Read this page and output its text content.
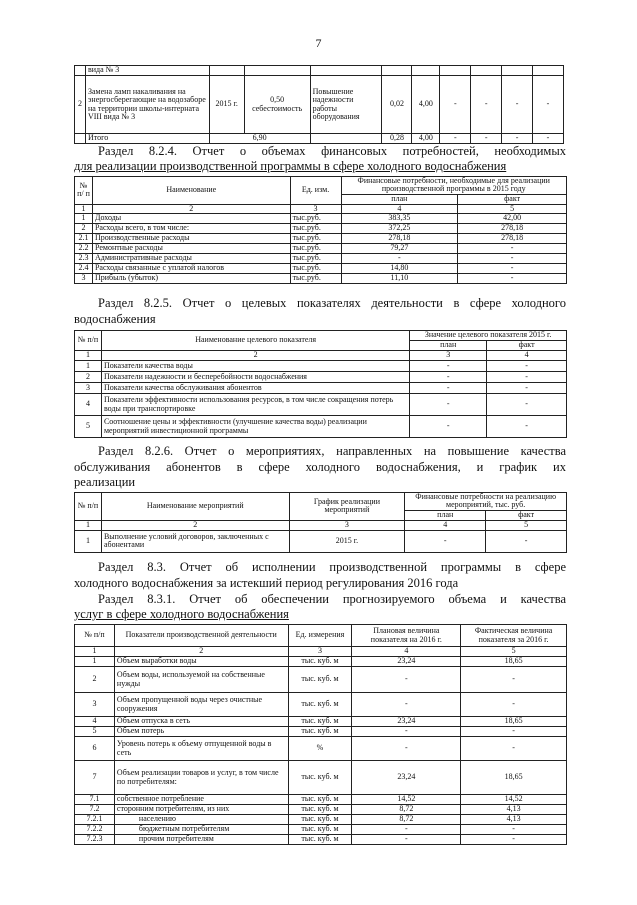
7
	вида № 3									
2	Замена ламп накаливания на энергосберегающие на водозаборе на территории школы-интерната VIII вида № 3	2015 г.	0,50 себестоимость	Повышение надежности работы оборудования	0,02	4,00	-	-	-	-
	Итого	6,90			0,28	4,00	-	-	-	-
Раздел 8.2.4. Отчет о объемах финансовых потребностей, необходимых
для реализации производственной программы в сфере холодного водоснабжения
№ п/ п	Наименование	Ед. изм.	Финансовые потребности, необходимые для реализации производственной программы в 2015 году	
			план	факт
1	2	3	4	5
1	Доходы	тыс.руб.	383,35	42,00
2	Расходы всего, в том числе:	тыс.руб.	372,25	278,18
2.1	Производственные расходы	тыс.руб.	278,18	278,18
2.2	Ремонтные расходы	тыс.руб.	79,27	-
2.3	Административные расходы	тыс.руб.	-	-
2.4	Расходы связанные с уплатой налогов	тыс.руб.	14,80	-
3	Прибыль (убыток)	тыс.руб.	11,10	-
Раздел 8.2.5. Отчет о целевых показателях деятельности в сфере холодного
водоснабжения
№ п/п	Наименование целевого показателя	Значение целевого показателя 2015 г.	
		план	факт
1	2	3	4
1	Показатели качества воды	-	-
2	Показатели надежности и бесперебойности водоснабжения	-	-
3	Показатели качества обслуживания абонентов	-	-
4	Показатели эффективности использования ресурсов, в том числе сокращения потерь воды при транспортировке	-	-
5	Соотношение цены и эффективности (улучшение качества воды) реализации мероприятий инвестиционной программы	-	-
Раздел 8.2.6. Отчет о мероприятиях, направленных на повышение качества
обслуживания абонентов в сфере холодного водоснабжения, и график их
реализации
№ п/п	Наименование мероприятий	График реализации мероприятий	Финансовые потребности на реализацию мероприятий, тыс. руб.	
			план	факт
1	2	3	4	5
1	Выполнение условий договоров, заключенных с абонентами	2015 г.	-	-
Раздел 8.3. Отчет об исполнении производственной программы в сфере
холодного водоснабжения за истекший период регулирования 2016 года
Раздел 8.3.1. Отчет об обеспечении прогнозируемого объема и качества
услуг в сфере холодного водоснабжения
№ п/п	Показатели производственной деятельности	Ед. измерения	Плановая величина показателя на 2016 г.	Фактическая величина показателя за 2016 г.
1	2	3	4	5
1	Объем выработки воды	тыс. куб. м	23,24	18,65
2	Объем воды, используемой на собственные нужды	тыс. куб. м	-	-
3	Объем пропущенной воды через очистные сооружения	тыс. куб. м	-	-
4	Объем отпуска в сеть	тыс. куб. м	23,24	18,65
5	Объем потерь	тыс. куб. м	-	-
6	Уровень потерь к объему отпущенной воды в сеть	%	-	-
7	Объем реализации товаров и услуг, в том числе по потребителям:	тыс. куб. м	23,24	18,65
7.1	собственное потребление	тыс. куб. м	14,52	14,52
7.2	сторонним потребителям, из них	тыс. куб. м	8,72	4,13
7.2.1	населению	тыс. куб. м	8,72	4,13
7.2.2	бюджетным потребителям	тыс. куб. м	-	-
7.2.3	прочим потребителям	тыс. куб. м	-	-
